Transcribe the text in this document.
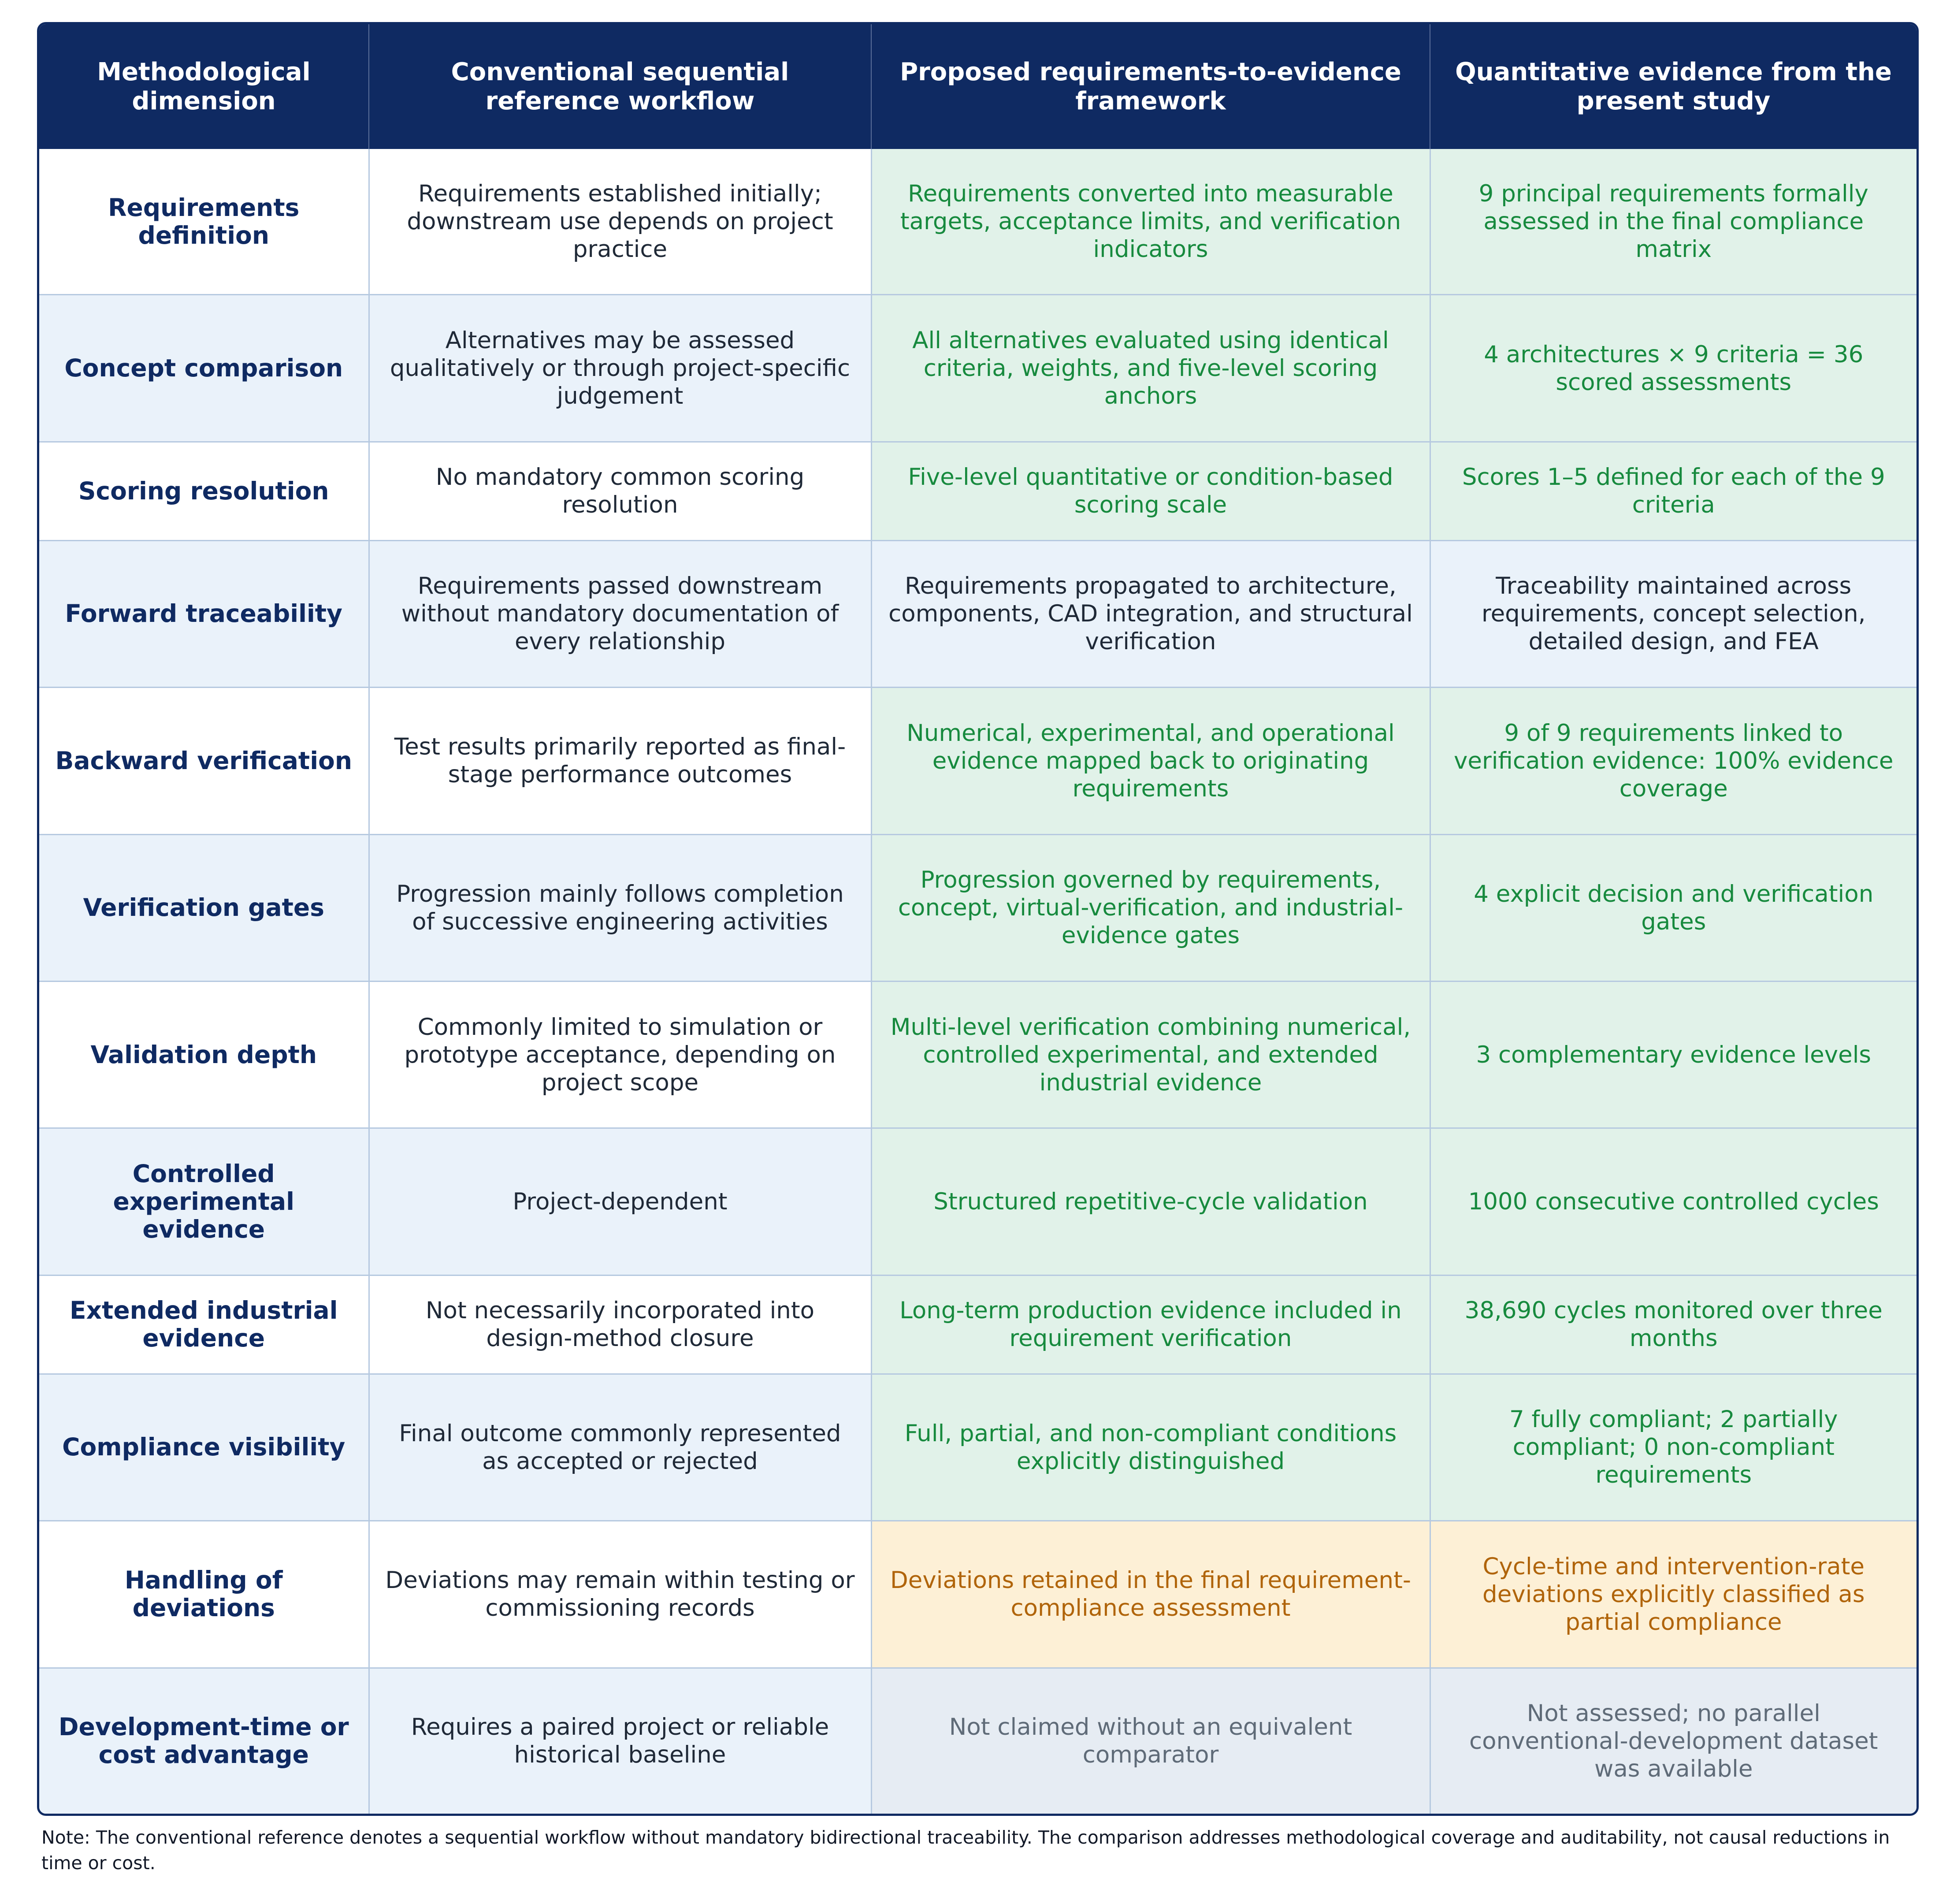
Methodological dimension	Conventional sequential reference workflow	Proposed requirements-to-evidence framework	Quantitative evidence from the present study
Requirements definition	Requirements established initially; downstream use depends on project practice	Requirements converted into measurable targets, acceptance limits, and verification indicators	9 principal requirements formally assessed in the final compliance matrix
Concept comparison	Alternatives may be assessed qualitatively or through project-specific judgement	All alternatives evaluated using identical criteria, weights, and five-level scoring anchors	4 architectures × 9 criteria = 36 scored assessments
Scoring resolution	No mandatory common scoring resolution	Five-level quantitative or condition-based scoring scale	Scores 1–5 defined for each of the 9 criteria
Forward traceability	Requirements passed downstream without mandatory documentation of every relationship	Requirements propagated to architecture, components, CAD integration, and structural verification	Traceability maintained across requirements, concept selection, detailed design, and FEA
Backward verification	Test results primarily reported as final-stage performance outcomes	Numerical, experimental, and operational evidence mapped back to originating requirements	9 of 9 requirements linked to verification evidence: 100% evidence coverage
Verification gates	Progression mainly follows completion of successive engineering activities	Progression governed by requirements, concept, virtual-verification, and industrial-evidence gates	4 explicit decision and verification gates
Validation depth	Commonly limited to simulation or prototype acceptance, depending on project scope	Multi-level verification combining numerical, controlled experimental, and extended industrial evidence	3 complementary evidence levels
Controlled experimental evidence	Project-dependent	Structured repetitive-cycle validation	1000 consecutive controlled cycles
Extended industrial evidence	Not necessarily incorporated into design-method closure	Long-term production evidence included in requirement verification	38,690 cycles monitored over three months
Compliance visibility	Final outcome commonly represented as accepted or rejected	Full, partial, and non-compliant conditions explicitly distinguished	7 fully compliant; 2 partially compliant; 0 non-compliant requirements
Handling of deviations	Deviations may remain within testing or commissioning records	Deviations retained in the final requirement-compliance assessment	Cycle-time and intervention-rate deviations explicitly classified as partial compliance
Development-time or cost advantage	Requires a paired project or reliable historical baseline	Not claimed without an equivalent comparator	Not assessed; no parallel conventional-development dataset was available
Note: The conventional reference denotes a sequential workflow without mandatory bidirectional traceability. The comparison addresses methodological coverage and auditability, not causal reductions in time or cost.
